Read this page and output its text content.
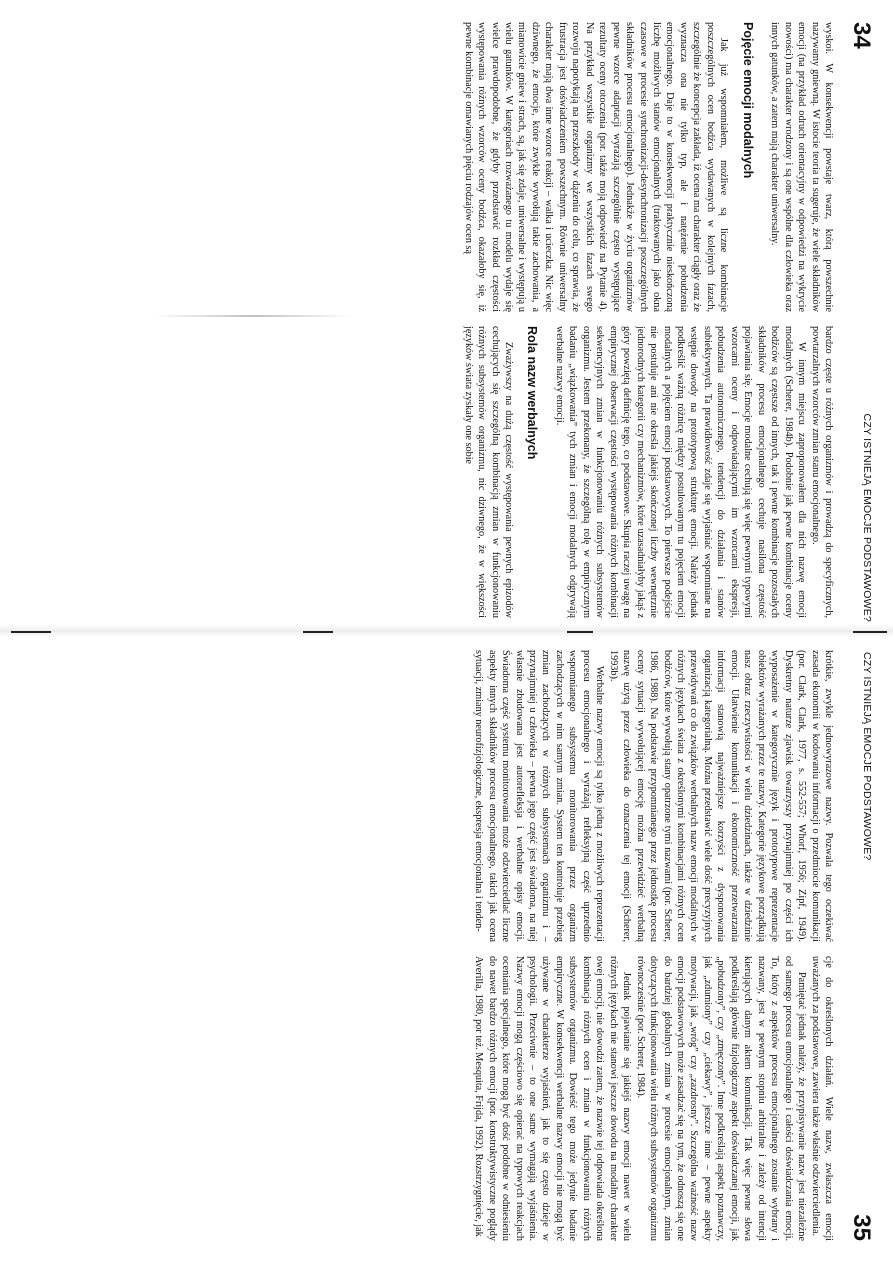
34
CZY ISTNIEJĄ EMOCJE PODSTAWOWE?

wyskoi. W konsekwencji powstaje twarz, którą powszechnie nazywamy gniewną. W istocie teoria ta sugeruje, że wiele składników emocji (na przykład odruch orientacyjny w odpowiedzi na wykrycie nowości) ma charakter wrodzony i są one wspólne dla człowieka oraz innych gatunków, a zatem mają charakter uniwersalny.

Pojęcie emocji modalnych

Jak już wspomniałem, możliwe są liczne kombinacje poszczególnych ocen bodźca wydawanych w kolejnych fazach, szczególnie że koncepcja zakłada, iż ocena ma charakter ciągły oraz że wyznacza ona nie tylko typ, ale i natężenie pobudzenia emocjonalnego. Daje to w konsekwencji praktycznie nieskończoną liczbę możliwych stanów emocjonalnych (traktowanych jako okna czasowe w procesie synchronizacji-desynchronizacji poszczególnych składników procesu emocjonalnego). Jednakże w życiu organizmów pewne wzorce adaptacji wyrażają szczególnie często występujące rezultaty oceny otoczenia (por. także moją odpowiedź na Pytanie 4). Na przykład wszystkie organizmy we wszystkich fazach swego rozwoju napotykają na przeszkody w dążeniu do celu, co sprawia, że frustracja jest doświadczeniem powszechnym. Równie uniwersalny charakter mają dwa inne wzorce reakcji – walka i ucieczka. Nic więc dziwnego, że emocje, które zwykle wywołują takie zachowania, a mianowicie gniew i strach, są, jak się zdaje, uniwersalne i występują u wielu gatunków. W kategoriach rozważanego tu modelu wydaje się wielce prawdopodobne, że gdyby przedstawić rozkład częstości występowania różnych wzorców oceny bodźca, okazałoby się, iż pewne kombinacje omawianych pięciu rodzajów ocen są

bardzo częste u różnych organizmów i prowadzą do specyficznych, powtarzalnych wzorców zmian stanu emocjonalnego.

W innym miejscu zaproponowałem dla nich nazwę emocji modalnych (Scherer, 1984b). Podobnie jak pewne kombinacje oceny bodźców są częstsze od innych, tak i pewne kombinacje pozostałych składników procesu emocjonalnego cechuje nasilona częstość pojawiania się. Emocje modalne cechują się więc pewnymi typowymi wzorcami oceny i odpowiadającymi im wzorcami ekspresji, pobudzenia autonomicznego, tendencji do działania i stanów subiektywnych. Ta prawidłowość zdaje się wyjaśniać wspomniane na wstępie dowody na prototypową strukturę emocji. Należy jednak podkreślić ważną różnicę między postulowanym tu pojęciem emocji modalnych a pojęciem emocji podstawowych. To pierwsze podejście nie postuluje ani nie określa jakiejś skończonej liczby wewnętrznie jednorodnych kategorii czy mechanizmów, które uzasadniałyby jakąś z góry powziętą definicję tego, co podstawowe. Skupia raczej uwagę na empirycznej obserwacji częstości występowania różnych kombinacji sekwencyjnych zmian w funkcjonowaniu różnych subsystemów organizmu. Jestem przekonany, że szczególną rolę w empirycznym badaniu „wiązkowania” tych zmian i emocji modalnych odgrywają werbalne nazwy emocji.

Rola nazw werbalnych

Zważywszy na dużą częstość występowania pewnych epizodów cechujących się szczególną kombinacją zmian w funkcjonowaniu różnych subsystemów organizmu, nic dziwnego, że w większości języków świata zyskały one sobie

CZY ISTNIEJĄ EMOCJE PODSTAWOWE?
35

krótkie, zwykle jednowyrazowe nazwy. Pozwala tego oczekiwać zasada ekonomii w kodowaniu informacji o przedmiocie komunikacji (por. Clark, Clark, 1977, s. 552-557; Whorf, 1956; Zipf, 1949). Dyskretny naturze zjawisk towarzyszy przynajmniej po części ich wyposażenie w kategorycznie język i prototypowe reprezentacje obiektów wyrażanych przez te nazwy. Kategorie językowe porządkują nasz obraz rzeczywistości w wielu dziedzinach, także w dziedzinie emocji. Ułatwienie komunikacji i ekonomiczność przetwarzania informacji stanowią najważniejsze korzyści z dysponowania organizacją kategorialną. Można przedstawić wiele dość precyzyjnych przewidywań co do związków werbalnych nazw emocji modalnych w różnych językach świata z określonymi kombinacjami różnych ocen bodźców, które wywołują stany opatrzone tymi nazwami (por. Scherer, 1986, 1988). Na podstawie przypomnianego przez jednostkę procesu oceny sytuacji wywołującej emocję można przewidzieć werbalną nazwę użytą przez człowieka do oznaczenia tej emocji (Scherer, 1993b).

Werbalne nazwy emocji są tylko jedną z możliwych reprezentacji procesu emocjonalnego i wyrażają refleksyjną część uprzednio wspomnianego subsystemu monitorowania przez organizm zachodzących w nim samym zmian. System ten kontroluje przebieg zmian zachodzących w różnych subsystemach organizmu i – przynajmniej u człowieka – pewna jego część jest świadoma, na niej własnie zbudowana jest autorefleksja i werbalne opisy emocji. Świadoma część systemu monitorowania może odzwierciedlać liczne aspekty innych składników procesu emocjonalnego, takich jak ocena sytuacji, zmiany neurofizjologiczne, ekspresja emocjonalna i tenden-

cje do określonych działań. Wiele nazw, zwłaszcza emocji uważanych za podstawowe, zawiera także właśnie odzwierciedlenia.

Pamiętać jednak należy, że przypisywanie nazw jest niezależne od samego procesu emocjonalnego i całości doświadczania emocji. To, który z aspektów procesu emocjonalnego zostanie wybrany i nazwany, jest w pewnym stopniu arbitralne i zależy od intencji kierujących danym aktem komunikacji. Tak więc pewne słowa podkreślają głównie fizjologiczny aspekt doświadczanej emocji, jak „pobudzony”, czy „zmęczony”. Inne podkreślają aspekt poznawczy, jak „zdumiony” czy „ciekawy”, jeszcze inne – pewne aspekty motywacji, jak „wróg” czy „zazdrosny”. Szczególna ważność nazw emocji podstawowych może zasadzać się na tym, że odnoszą się one do bardziej globalnych zmian w procesie emocjonalnym, zmian dotyczących funkcjonowania wielu różnych subsystemów organizmu równocześnie (por. Scherer, 1984).

Jednak pojawianie się jakiejś nazwy emocji nawet w wielu różnych językach nie stanowi jeszcze dowodu na modalny charakter owej emocji, nie dowodzi zatem, że nazwie tej odpowiada określona kombinacja różnych ocen i zmian w funkcjonowaniu różnych subsystemów organizmu. Dowieść tego może jedynie badanie empiryczne. W konsekwencji werbalne nazwy emocji nie mogą być używane w charakterze wyjaśnień, jak to się często dzieje w psychologii. Przeciwnie – to one same wymagają wyjaśnienia. Nazwy emocji mogą częściowo się opierać na typowych reakcjach oceniania specjalnego, które mogą być dość podobne w odniesieniu do nawet bardzo różnych emocji (por. konstruktywistyczne poglądy Averilla, 1980, por też. Mesquita, Frijda, 1992). Rozstrzygnięcie, jak
